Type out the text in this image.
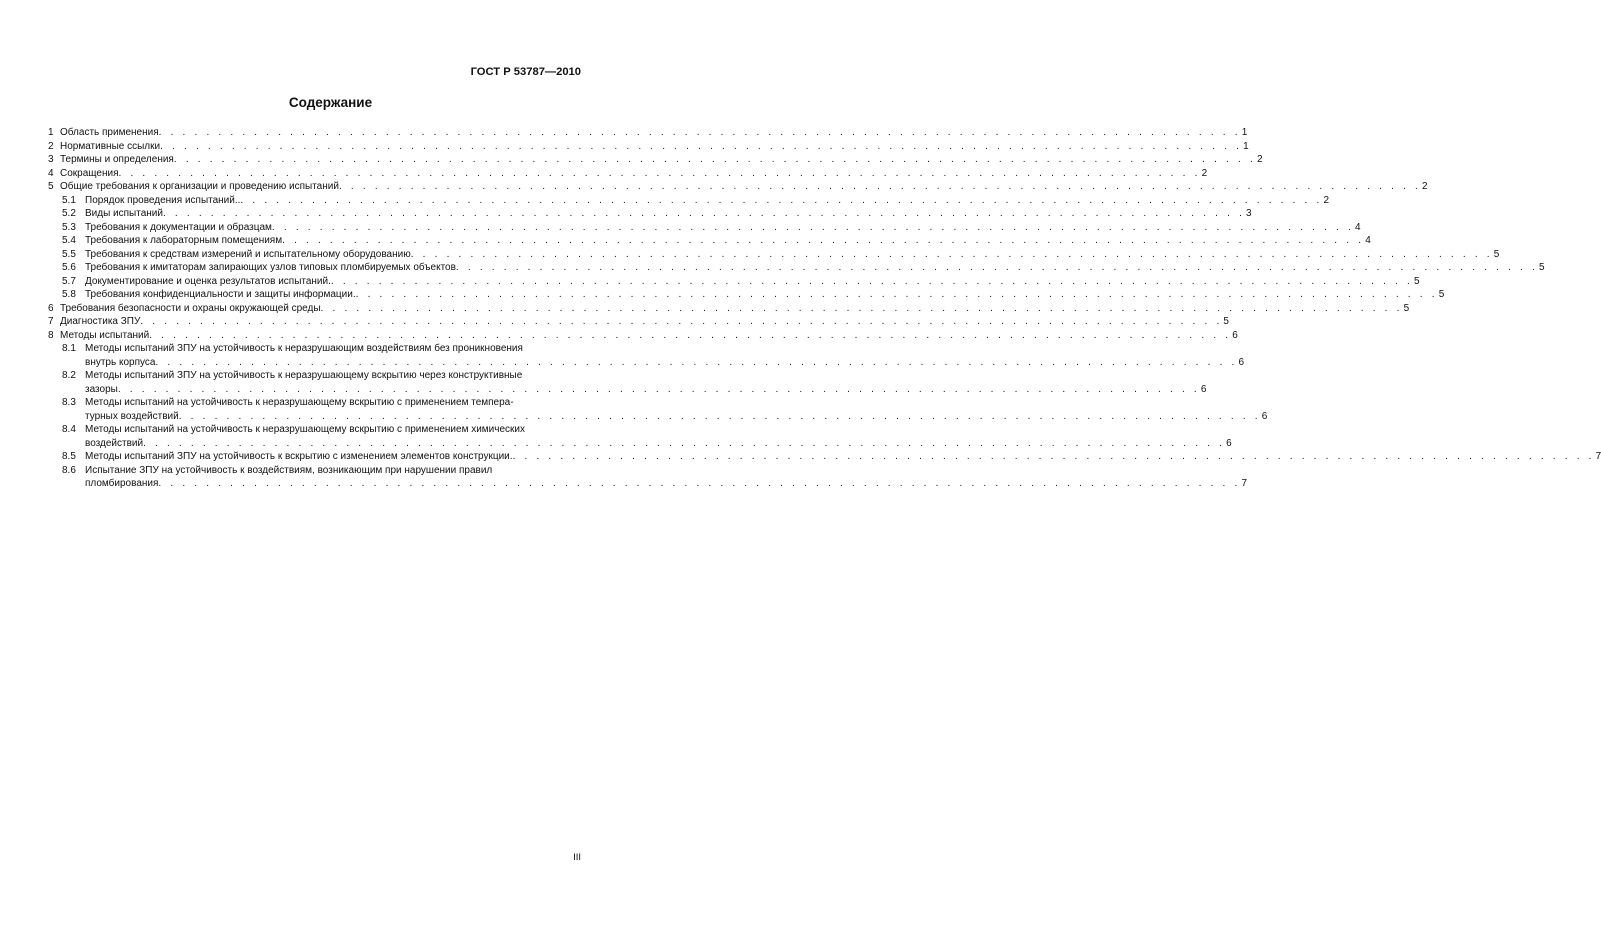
ГОСТ Р 53787—2010
Содержание
1 Область применения . . . . . . . . . . . . . . . . . . . . . . . . . . . . . . . . . . . . . . . . . . . . . . . . . . . . . . . . . . . . . . . . . . . . . . . . . . . . . . . . . . . . . . . . . . . 1
2 Нормативные ссылки . . . . . . . . . . . . . . . . . . . . . . . . . . . . . . . . . . . . . . . . . . . . . . . . . . . . . . . . . . . . . . . . . . . . . . . . . . . . . . . . . . . . . . . . . . . 1
3 Термины и определения . . . . . . . . . . . . . . . . . . . . . . . . . . . . . . . . . . . . . . . . . . . . . . . . . . . . . . . . . . . . . . . . . . . . . . . . . . . . . . . . . . . . . . . . . . . 2
4 Сокращения . . . . . . . . . . . . . . . . . . . . . . . . . . . . . . . . . . . . . . . . . . . . . . . . . . . . . . . . . . . . . . . . . . . . . . . . . . . . . . . . . . . . . . . . . . . 2
5 Общие требования к организации и проведению испытаний . . . . . . . . . . . . . . . . . . . . . . . . . . . . . . . . . . . . . . . . . . . . . . . . . . . . . . . . . . . . . . . . . . . . . . . . . . . . . . . . . . . . . . . . . . . 2
5.1 Порядок проведения испытаний.. . . . . . . . . . . . . . . . . . . . . . . . . . . . . . . . . . . . . . . . . . . . . . . . . . . . . . . . . . . . . . . . . . . . . . . . . . . . . . . . . . . . . . . . . . . . 2
5.2 Виды испытаний . . . . . . . . . . . . . . . . . . . . . . . . . . . . . . . . . . . . . . . . . . . . . . . . . . . . . . . . . . . . . . . . . . . . . . . . . . . . . . . . . . . . . . . . . . . 3
5.3 Требования к документации и образцам . . . . . . . . . . . . . . . . . . . . . . . . . . . . . . . . . . . . . . . . . . . . . . . . . . . . . . . . . . . . . . . . . . . . . . . . . . . . . . . . . . . . . . . . . . . 4
5.4 Требования к лабораторным помещениям . . . . . . . . . . . . . . . . . . . . . . . . . . . . . . . . . . . . . . . . . . . . . . . . . . . . . . . . . . . . . . . . . . . . . . . . . . . . . . . . . . . . . . . . . . . 4
5.5 Требования к средствам измерений и испытательному оборудованию . . . . . . . . . . . . . . . . . . . . . . . . . . . . . . . . . . . . . . . . . . . . . . . . . . . . . . . . . . . . . . . . . . . . . . . . . . . . . . . . . . . . . . . . . . . 5
5.6 Требования к имитаторам запирающих узлов типовых пломбируемых объектов . . . . . . . . . . . . . . . . . . . . . . . . . . . . . . . . . . . . . . . . . . . . . . . . . . . . . . . . . . . . . . . . . . . . . . . . . . . . . . . . . . . . . . . . . . . 5
5.7 Документирование и оценка результатов испытаний. . . . . . . . . . . . . . . . . . . . . . . . . . . . . . . . . . . . . . . . . . . . . . . . . . . . . . . . . . . . . . . . . . . . . . . . . . . . . . . . . . . . . . . . . . . . 5
5.8 Требования конфиденциальности и защиты информации. . . . . . . . . . . . . . . . . . . . . . . . . . . . . . . . . . . . . . . . . . . . . . . . . . . . . . . . . . . . . . . . . . . . . . . . . . . . . . . . . . . . . . . . . . . . 5
6 Требования безопасности и охраны окружающей среды . . . . . . . . . . . . . . . . . . . . . . . . . . . . . . . . . . . . . . . . . . . . . . . . . . . . . . . . . . . . . . . . . . . . . . . . . . . . . . . . . . . . . . . . . . . 5
7 Диагностика ЗПУ . . . . . . . . . . . . . . . . . . . . . . . . . . . . . . . . . . . . . . . . . . . . . . . . . . . . . . . . . . . . . . . . . . . . . . . . . . . . . . . . . . . . . . . . . . . 5
8 Методы испытаний . . . . . . . . . . . . . . . . . . . . . . . . . . . . . . . . . . . . . . . . . . . . . . . . . . . . . . . . . . . . . . . . . . . . . . . . . . . . . . . . . . . . . . . . . . . 6
8.1 Методы испытаний ЗПУ на устойчивость к неразрушающим воздействиям без проникновения
внутрь корпуса . . . . . . . . . . . . . . . . . . . . . . . . . . . . . . . . . . . . . . . . . . . . . . . . . . . . . . . . . . . . . . . . . . . . . . . . . . . . . . . . . . . . . . . . . . . 6
8.2 Методы испытаний ЗПУ на устойчивость к неразрушающему вскрытию через конструктивные
зазоры . . . . . . . . . . . . . . . . . . . . . . . . . . . . . . . . . . . . . . . . . . . . . . . . . . . . . . . . . . . . . . . . . . . . . . . . . . . . . . . . . . . . . . . . . . . 6
8.3 Методы испытаний на устойчивость к неразрушающему вскрытию с применением темпера-
турных воздействий . . . . . . . . . . . . . . . . . . . . . . . . . . . . . . . . . . . . . . . . . . . . . . . . . . . . . . . . . . . . . . . . . . . . . . . . . . . . . . . . . . . . . . . . . . . 6
8.4 Методы испытаний на устойчивость к неразрушающему вскрытию с применением химических
воздействий . . . . . . . . . . . . . . . . . . . . . . . . . . . . . . . . . . . . . . . . . . . . . . . . . . . . . . . . . . . . . . . . . . . . . . . . . . . . . . . . . . . . . . . . . . . 6
8.5 Методы испытаний ЗПУ на устойчивость к вскрытию с изменением элементов конструкции. . . . . . . . . . . . . . . . . . . . . . . . . . . . . . . . . . . . . . . . . . . . . . . . . . . . . . . . . . . . . . . . . . . . . . . . . . . . . . . . . . . . . . . . . . . . 7
8.6 Испытание ЗПУ на устойчивость к воздействиям, возникающим при нарушении правил
пломбирования . . . . . . . . . . . . . . . . . . . . . . . . . . . . . . . . . . . . . . . . . . . . . . . . . . . . . . . . . . . . . . . . . . . . . . . . . . . . . . . . . . . . . . . . . . . 7
III
